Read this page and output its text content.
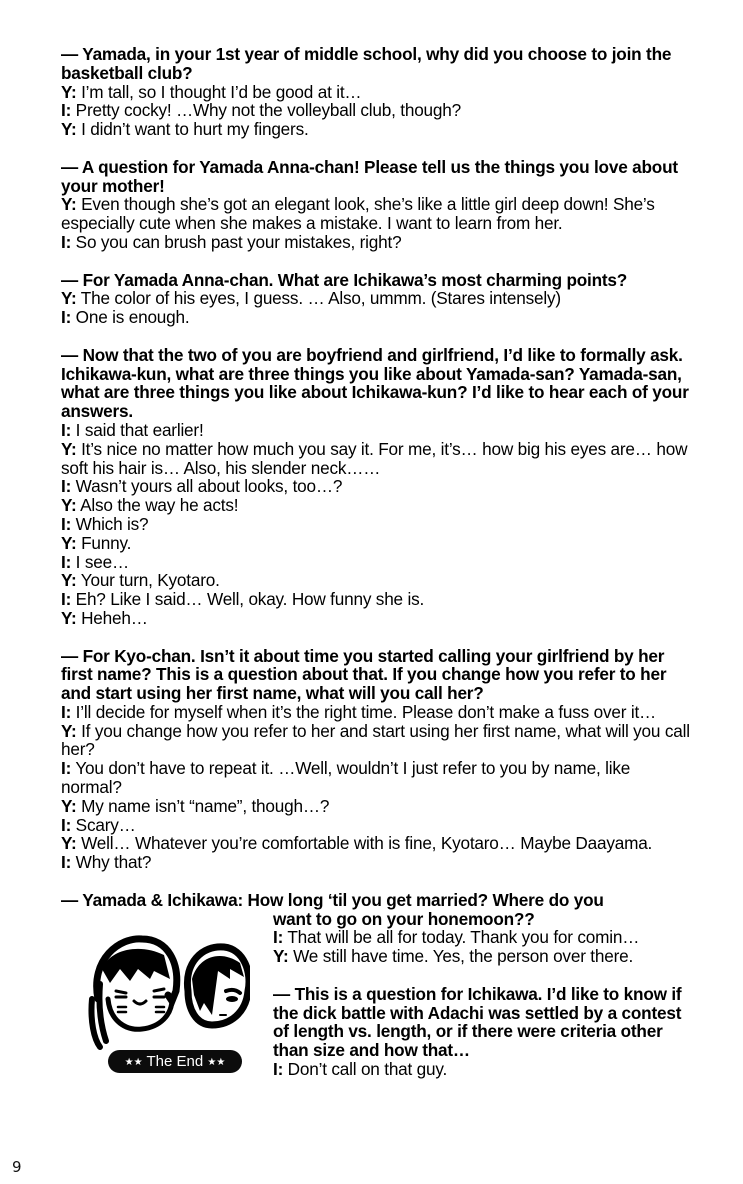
— Yamada, in your 1st year of middle school, why did you choose to join the basketball club?
Y: I’m tall, so I thought I’d be good at it…
I: Pretty cocky! …Why not the volleyball club, though?
Y: I didn’t want to hurt my fingers.
— A question for Yamada Anna-chan! Please tell us the things you love about your mother!
Y: Even though she’s got an elegant look, she’s like a little girl deep down! She’s especially cute when she makes a mistake. I want to learn from her.
I: So you can brush past your mistakes, right?
— For Yamada Anna-chan. What are Ichikawa’s most charming points?
Y: The color of his eyes, I guess. … Also, ummm. (Stares intensely)
I: One is enough.
— Now that the two of you are boyfriend and girlfriend, I’d like to formally ask. Ichikawa-kun, what are three things you like about Yamada-san? Yamada-san, what are three things you like about Ichikawa-kun? I’d like to hear each of your answers.
I: I said that earlier!
Y: It’s nice no matter how much you say it. For me, it’s… how big his eyes are… how soft his hair is… Also, his slender neck……
I: Wasn’t yours all about looks, too…?
Y: Also the way he acts!
I: Which is?
Y: Funny.
I: I see…
Y: Your turn, Kyotaro.
I: Eh? Like I said… Well, okay. How funny she is.
Y: Heheh…
— For Kyo-chan. Isn’t it about time you started calling your girlfriend by her first name? This is a question about that. If you change how you refer to her and start using her first name, what will you call her?
I: I’ll decide for myself when it’s the right time. Please don’t make a fuss over it…
Y: If you change how you refer to her and start using her first name, what will you call her?
I: You don’t have to repeat it. …Well, wouldn’t I just refer to you by name, like normal?
Y: My name isn’t “name”, though…?
I: Scary…
Y: Well… Whatever you’re comfortable with is fine, Kyotaro… Maybe Daayama.
I: Why that?
— Yamada & Ichikawa: How long ‘til you get married? Where do you
want to go on your honemoon??
I: That will be all for today. Thank you for comin…
Y: We still have time. Yes, the person over there.
— This is a question for Ichikawa. I’d like to know if the dick battle with Adachi was settled by a contest of length vs. length, or if there were criteria other than size and how that…
I: Don’t call on that guy.
★★ The End ★★
9
